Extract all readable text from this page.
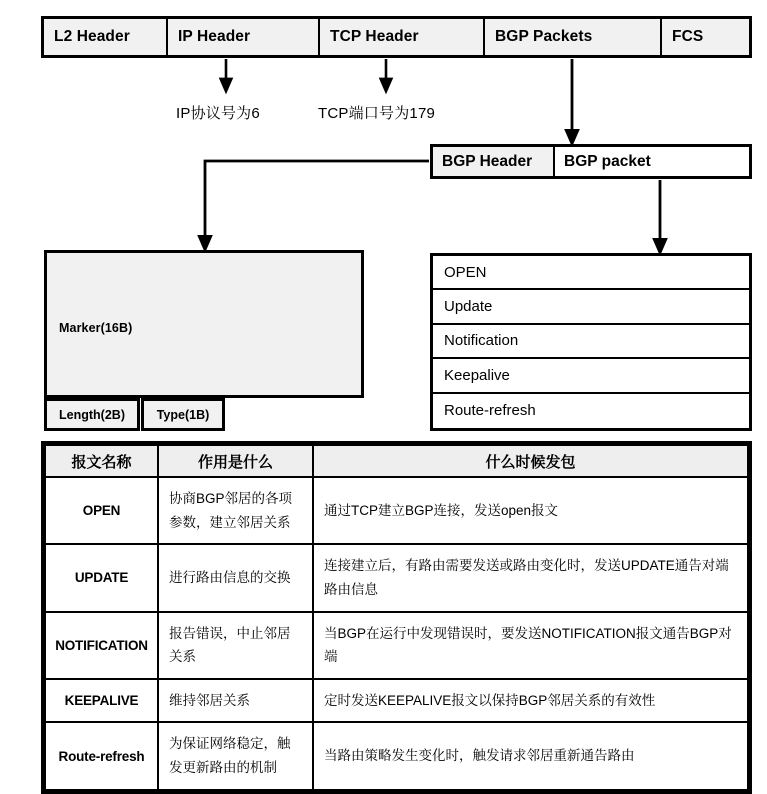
L2 Header	IP Header	TCP Header	BGP Packets	FCS
IP协议号为6	TCP端口号为179
BGP Header	BGP packet
Marker(16B)
Length(2B)	Type(1B)
OPEN
Update
Notification
Keepalive
Route-refresh
报文名称	作用是什么	什么时候发包
OPEN	协商BGP邻居的各项参数，建立邻居关系	通过TCP建立BGP连接，发送open报文
UPDATE	进行路由信息的交换	连接建立后，有路由需要发送或路由变化时，发送UPDATE通告对端路由信息
NOTIFICATION	报告错误，中止邻居关系	当BGP在运行中发现错误时，要发送NOTIFICATION报文通告BGP对端
KEEPALIVE	维持邻居关系	定时发送KEEPALIVE报文以保持BGP邻居关系的有效性
Route-refresh	为保证网络稳定，触发更新路由的机制	当路由策略发生变化时，触发请求邻居重新通告路由
